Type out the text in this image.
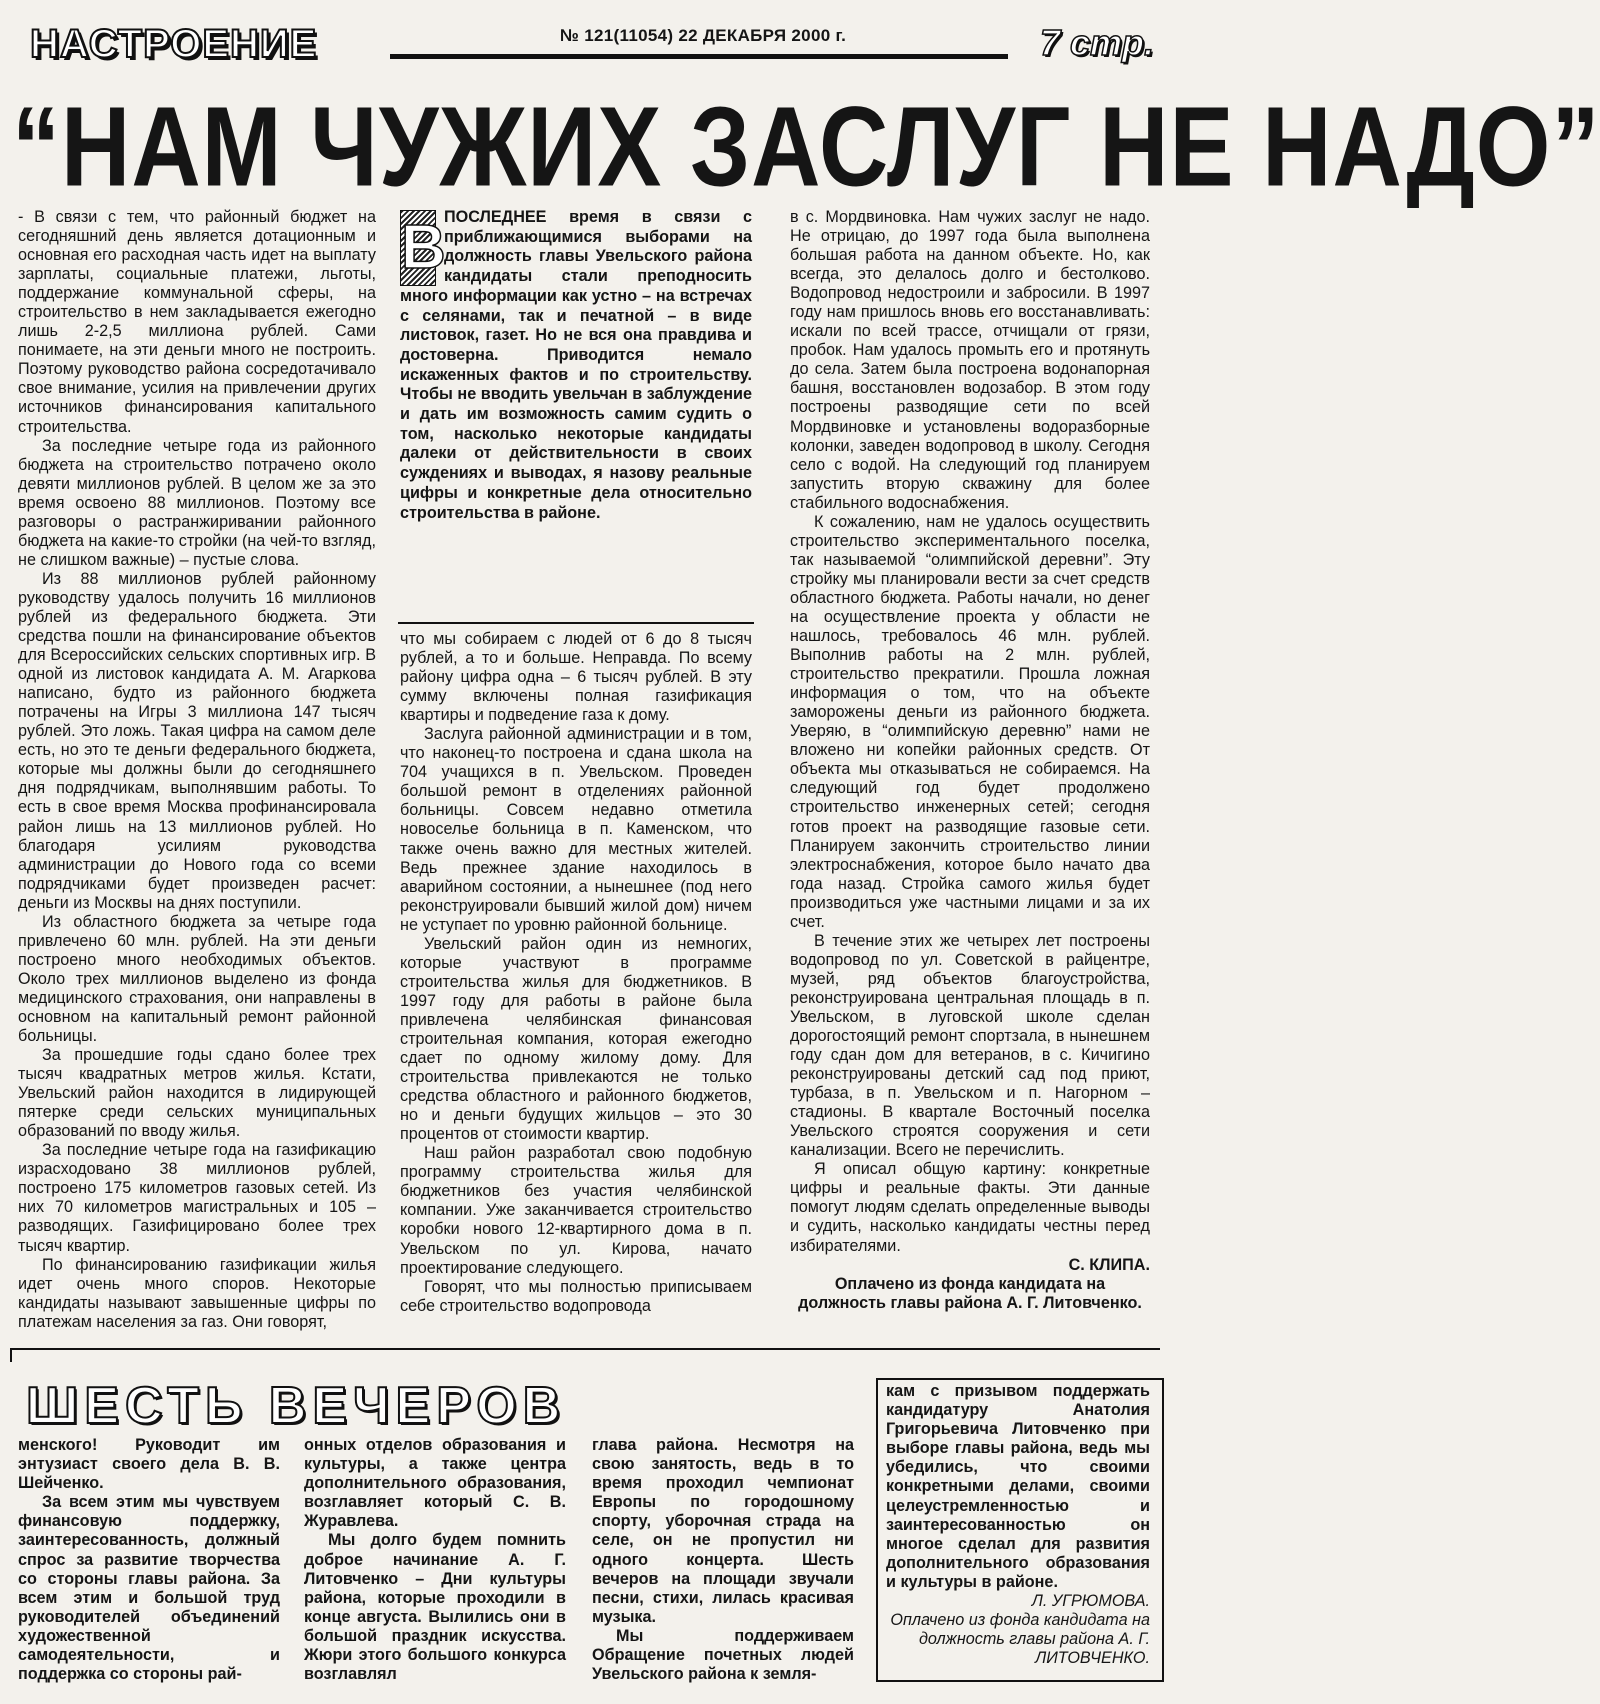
НАСТРОЕНИЕ	№ 121(11054) 22 ДЕКАБРЯ 2000 г.	7 стр.
“НАМ ЧУЖИХ ЗАСЛУГ НЕ НАДО”

- В связи с тем, что районный бюджет на сегодняшний день является дотационным и основная его расходная часть идет на выплату зарплаты, социальные платежи, льготы, поддержание коммунальной сферы, на строительство в нем закладывается ежегодно лишь 2-2,5 миллиона рублей. Сами понимаете, на эти деньги много не построить. Поэтому руководство района сосредотачивало свое внимание, усилия на привлечении других источников финансирования капитального строительства.

За последние четыре года из районного бюджета на строительство потрачено около девяти миллионов рублей. В целом же за это время освоено 88 миллионов. Поэтому все разговоры о растранжиривании районного бюджета на какие-то стройки (на чей-то взгляд, не слишком важные) – пустые слова.

Из 88 миллионов рублей районному руководству удалось получить 16 миллионов рублей из федерального бюджета. Эти средства пошли на финансирование объектов для Всероссийских сельских спортивных игр. В одной из листовок кандидата А. М. Агаркова написано, будто из районного бюджета потрачены на Игры 3 миллиона 147 тысяч рублей. Это ложь. Такая цифра на самом деле есть, но это те деньги федерального бюджета, которые мы должны были до сегодняшнего дня подрядчикам, выполнявшим работы. То есть в свое время Москва профинансировала район лишь на 13 миллионов рублей. Но благодаря усилиям руководства администрации до Нового года со всеми подрядчиками будет произведен расчет: деньги из Москвы на днях поступили.

Из областного бюджета за четыре года привлечено 60 млн. рублей. На эти деньги построено много необходимых объектов. Около трех миллионов выделено из фонда медицинского страхования, они направлены в основном на капитальный ремонт районной больницы.

За прошедшие годы сдано более трех тысяч квадратных метров жилья. Кстати, Увельский район находится в лидирующей пятерке среди сельских муниципальных образований по вводу жилья.

За последние четыре года на газификацию израсходовано 38 миллионов рублей, построено 175 километров газовых сетей. Из них 70 километров магистральных и 105 – разводящих. Газифицировано более трех тысяч квартир.

По финансированию газификации жилья идет очень много споров. Некоторые кандидаты называют завышенные цифры по платежам населения за газ. Они говорят,

В
ПОСЛЕДНЕЕ время в связи с приближающимися выборами на должность главы Увельского района кандидаты стали преподносить много информации как устно – на встречах с селянами, так и печатной – в виде листовок, газет. Но не вся она правдива и достоверна. Приводится немало искаженных фактов и по строительству. Чтобы не вводить увельчан в заблуждение и дать им возможность самим судить о том, насколько некоторые кандидаты далеки от действительности в своих суждениях и выводах, я назову реальные цифры и конкретные дела относительно строительства в районе.

что мы собираем с людей от 6 до 8 тысяч рублей, а то и больше. Неправда. По всему району цифра одна – 6 тысяч рублей. В эту сумму включены полная газификация квартиры и подведение газа к дому.

Заслуга районной администрации и в том, что наконец-то построена и сдана школа на 704 учащихся в п. Увельском. Проведен большой ремонт в отделениях районной больницы. Совсем недавно отметила новоселье больница в п. Каменском, что также очень важно для местных жителей. Ведь прежнее здание находилось в аварийном состоянии, а нынешнее (под него реконструировали бывший жилой дом) ничем не уступает по уровню районной больнице.

Увельский район один из немногих, которые участвуют в программе строительства жилья для бюджетников. В 1997 году для работы в районе была привлечена челябинская финансовая строительная компания, которая ежегодно сдает по одному жилому дому. Для строительства привлекаются не только средства областного и районного бюджетов, но и деньги будущих жильцов – это 30 процентов от стоимости квартир.

Наш район разработал свою подобную программу строительства жилья для бюджетников без участия челябинской компании. Уже заканчивается строительство коробки нового 12-квартирного дома в п. Увельском по ул. Кирова, начато проектирование следующего.

Говорят, что мы полностью приписываем себе строительство водопровода

в с. Мордвиновка. Нам чужих заслуг не надо. Не отрицаю, до 1997 года была выполнена большая работа на данном объекте. Но, как всегда, это делалось долго и бестолково. Водопровод недостроили и забросили. В 1997 году нам пришлось вновь его восстанавливать: искали по всей трассе, отчищали от грязи, пробок. Нам удалось промыть его и протянуть до села. Затем была построена водонапорная башня, восстановлен водозабор. В этом году построены разводящие сети по всей Мордвиновке и установлены водоразборные колонки, заведен водопровод в школу. Сегодня село с водой. На следующий год планируем запустить вторую скважину для более стабильного водоснабжения.

К сожалению, нам не удалось осуществить строительство экспериментального поселка, так называемой “олимпийской деревни”. Эту стройку мы планировали вести за счет средств областного бюджета. Работы начали, но денег на осуществление проекта у области не нашлось, требовалось 46 млн. рублей. Выполнив работы на 2 млн. рублей, строительство прекратили. Прошла ложная информация о том, что на объекте заморожены деньги из районного бюджета. Уверяю, в “олимпийскую деревню” нами не вложено ни копейки районных средств. От объекта мы отказываться не собираемся. На следующий год будет продолжено строительство инженерных сетей; сегодня готов проект на разводящие газовые сети. Планируем закончить строительство линии электроснабжения, которое было начато два года назад. Стройка самого жилья будет производиться уже частными лицами и за их счет.

В течение этих же четырех лет построены водопровод по ул. Советской в райцентре, музей, ряд объектов благоустройства, реконструирована центральная площадь в п. Увельском, в луговской школе сделан дорогостоящий ремонт спортзала, в нынешнем году сдан дом для ветеранов, в с. Кичигино реконструированы детский сад под приют, турбаза, в п. Увельском и п. Нагорном – стадионы. В квартале Восточный поселка Увельского строятся сооружения и сети канализации. Всего не перечислить.

Я описал общую картину: конкретные цифры и реальные факты. Эти данные помогут людям сделать определенные выводы и судить, насколько кандидаты честны перед избирателями.

С. КЛИПА.
Оплачено из фонда кандидата на должность главы района А. Г. Литовченко.
ШЕСТЬ ВЕЧЕРОВ

менского! Руководит им энтузиаст своего дела В. В. Шейченко.

За всем этим мы чувствуем финансовую поддержку, заинтересованность, должный спрос за развитие творчества со стороны главы района. За всем этим и большой труд руководителей объединений художественной самодеятельности, и поддержка со стороны рай-

онных отделов образования и культуры, а также центра дополнительного образования, возглавляет который С. В. Журавлева.

Мы долго будем помнить доброе начинание А. Г. Литовченко – Дни культуры района, которые проходили в конце августа. Вылились они в большой праздник искусства. Жюри этого большого конкурса возглавлял

глава района. Несмотря на свою занятость, ведь в то время проходил чемпионат Европы по городошному спорту, уборочная страда на селе, он не пропустил ни одного концерта. Шесть вечеров на площади звучали песни, стихи, лилась красивая музыка.

Мы поддерживаем Обращение почетных людей Увельского района к земля-

кам с призывом поддержать кандидатуру Анатолия Григорьевича Литовченко при выборе главы района, ведь мы убедились, что своими конкретными делами, своими целеустремленностью и заинтересованностью он многое сделал для развития дополнительного образования и культуры в районе.

Л. УГРЮМОВА.
Оплачено из фонда кандидата на должность главы района А. Г. ЛИТОВЧЕНКО.
